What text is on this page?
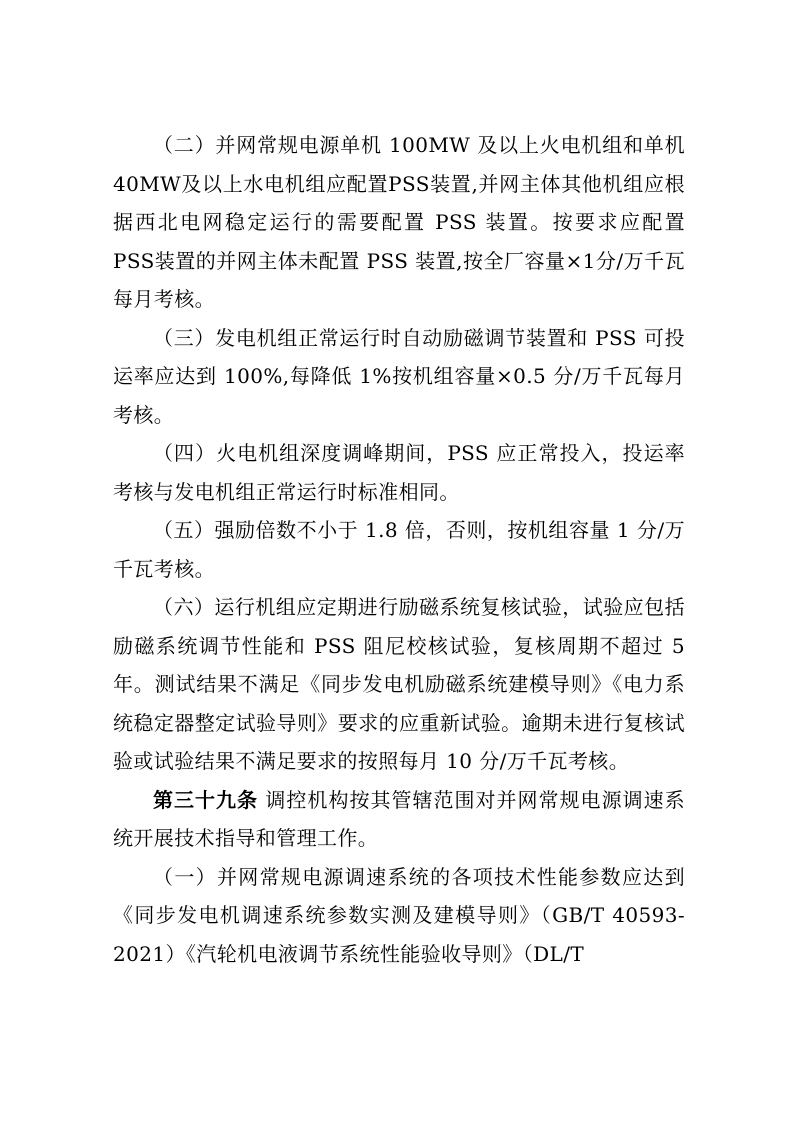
（二）并网常规电源单机 100MW 及以上火电机组和单机40MW及以上水电机组应配置PSS装置,并网主体其他机组应根据西北电网稳定运行的需要配置 PSS 装置。按要求应配置 PSS装置的并网主体未配置 PSS 装置,按全厂容量×1分/万千瓦每月考核。

（三）发电机组正常运行时自动励磁调节装置和 PSS 可投运率应达到 100%,每降低 1%按机组容量×0.5 分/万千瓦每月考核。

（四）火电机组深度调峰期间，PSS 应正常投入，投运率考核与发电机组正常运行时标准相同。

（五）强励倍数不小于 1.8 倍，否则，按机组容量 1 分/万千瓦考核。

（六）运行机组应定期进行励磁系统复核试验，试验应包括励磁系统调节性能和 PSS 阻尼校核试验，复核周期不超过 5 年。测试结果不满足《同步发电机励磁系统建模导则》《电力系统稳定器整定试验导则》要求的应重新试验。逾期未进行复核试验或试验结果不满足要求的按照每月 10 分/万千瓦考核。

第三十九条 调控机构按其管辖范围对并网常规电源调速系统开展技术指导和管理工作。

（一）并网常规电源调速系统的各项技术性能参数应达到《同步发电机调速系统参数实测及建模导则》（GB/T 40593-2021）《汽轮机电液调节系统性能验收导则》（DL/T
